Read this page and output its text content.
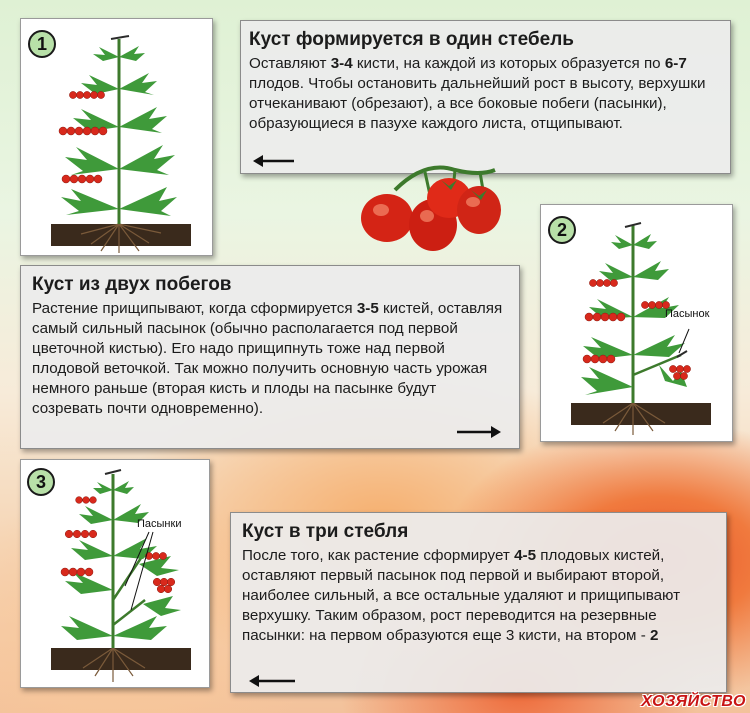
1	Куст формируется в один стебель

Оставляют 3-4 кисти, на каждой из которых образуется по 6-7 плодов. Чтобы остановить дальнейший рост в высоту, верхушки отчеканивают (обрезают), а все боковые побеги (пасынки), образующиеся в пазухе каждого листа, отщипывают.

Пасынок
2
Куст из двух побегов

Растение прищипывают, когда сформируется 3-5 кистей, оставляя самый сильный пасынок (обычно располагается под первой цветочной кистью). Его надо прищипнуть тоже над первой плодовой веточкой. Так можно получить основную часть урожая немного раньше (вторая кисть и плоды на пасынке будут созревать почти одновременно).

Пасынки
3
Куст в три стебля

После того, как растение сформирует 4-5 плодовых кистей, оставляют первый пасынок под первой и выбирают второй, наиболее сильный, а все остальные удаляют и прищипывают верхушку. Таким образом, рост переводится на резервные пасынки: на первом образуются еще 3 кисти, на втором - 2

ХОЗЯЙСТВО
